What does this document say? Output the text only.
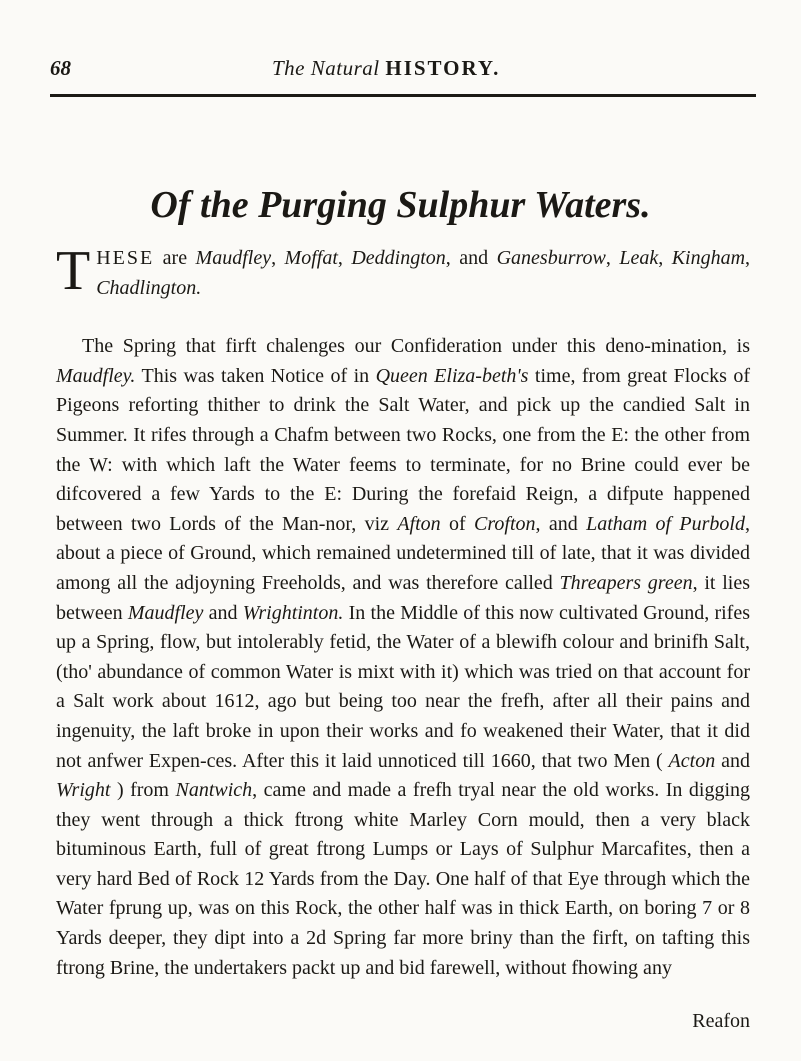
68	The Natural HISTORY.
Of the Purging Sulphur Waters.

THESE are Maudfley, Moffat, Deddington, and Ganesburrow, Leak, Kingham, Chadlington.

The Spring that firft chalenges our Confideration under this deno-mination, is Maudfley. This was taken Notice of in Queen Eliza-beth's time, from great Flocks of Pigeons reforting thither to drink the Salt Water, and pick up the candied Salt in Summer. It rifes through a Chafm between two Rocks, one from the E: the other from the W: with which laft the Water feems to terminate, for no Brine could ever be difcovered a few Yards to the E: During the forefaid Reign, a difpute happened between two Lords of the Man-nor, viz Afton of Crofton, and Latham of Purbold, about a piece of Ground, which remained undetermined till of late, that it was divided among all the adjoyning Freeholds, and was therefore called Threapers green, it lies between Maudfley and Wrightinton. In the Middle of this now cultivated Ground, rifes up a Spring, flow, but intolerably fetid, the Water of a blewifh colour and brinifh Salt, (tho' abundance of common Water is mixt with it) which was tried on that account for a Salt work about 1612, ago but being too near the frefh, after all their pains and ingenuity, the laft broke in upon their works and fo weakened their Water, that it did not anfwer Expen-ces. After this it laid unnoticed till 1660, that two Men ( Acton and Wright ) from Nantwich, came and made a frefh tryal near the old works. In digging they went through a thick ftrong white Marley Corn mould, then a very black bituminous Earth, full of great ftrong Lumps or Lays of Sulphur Marcafites, then a very hard Bed of Rock 12 Yards from the Day. One half of that Eye through which the Water fprung up, was on this Rock, the other half was in thick Earth, on boring 7 or 8 Yards deeper, they dipt into a 2d Spring far more briny than the firft, on tafting this ftrong Brine, the undertakers packt up and bid farewell, without fhowing any

Reafon
